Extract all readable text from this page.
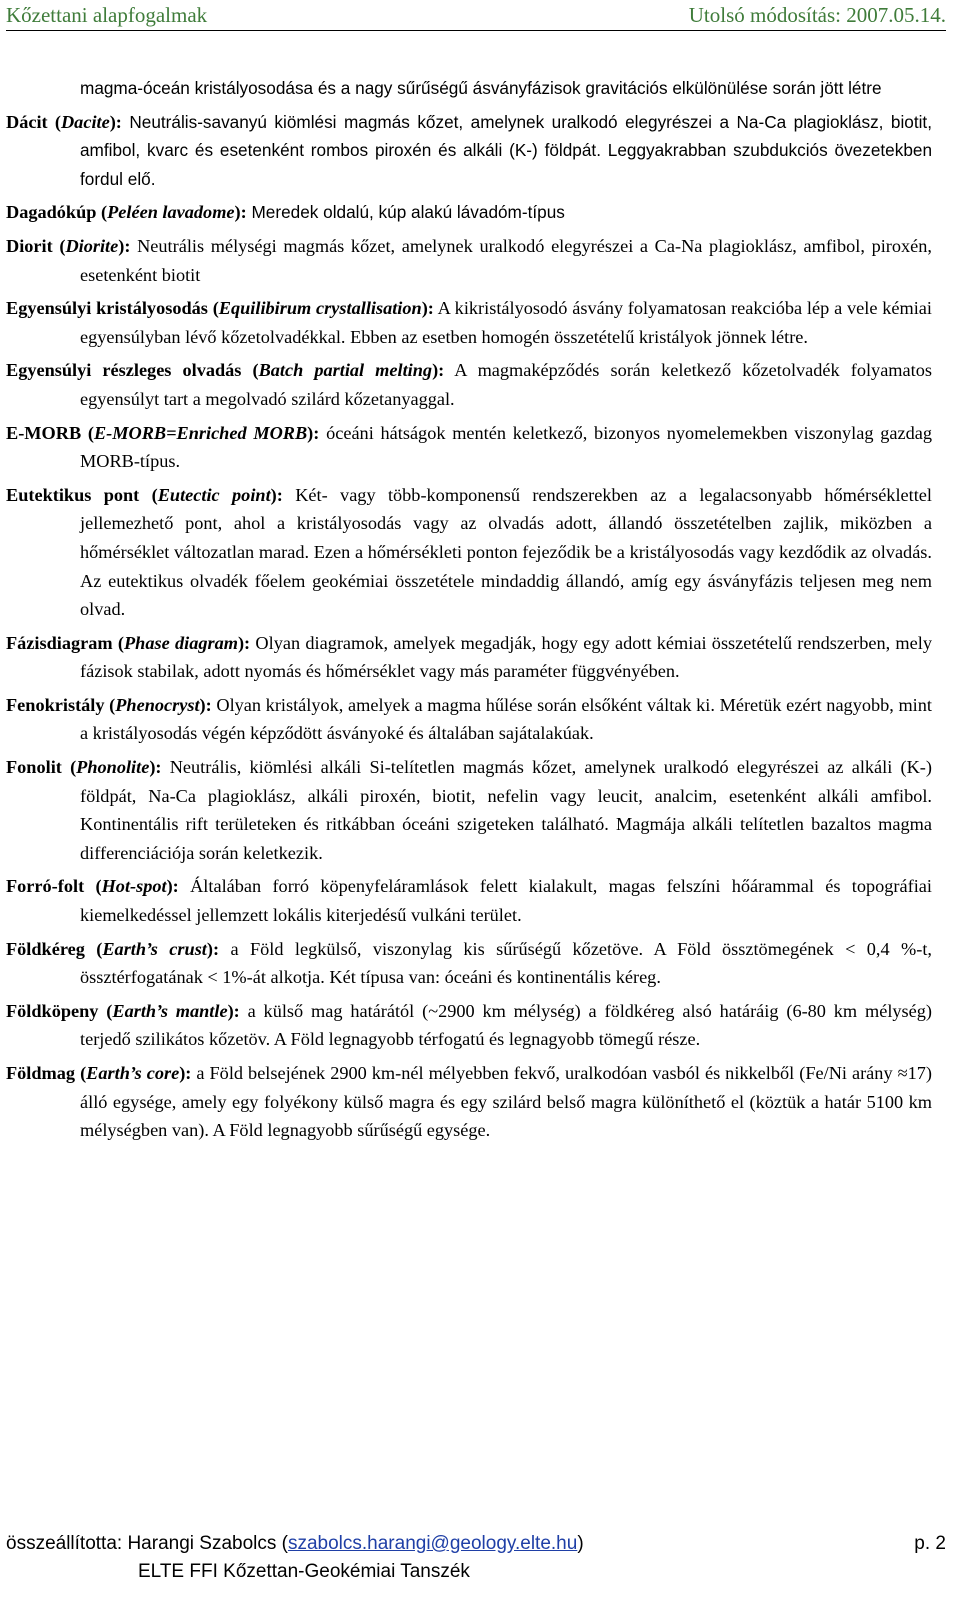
Kőzettani alapfogalmak	Utolsó módosítás: 2007.05.14.
magma-óceán kristályosodása és a nagy sűrűségű ásványfázisok gravitációs elkülönülése során jött létre
Dácit (Dacite): Neutrális-savanyú kiömlési magmás kőzet, amelynek uralkodó elegyrészei a Na-Ca plagioklász, biotit, amfibol, kvarc és esetenként rombos piroxén és alkáli (K-) földpát. Leggyakrabban szubdukciós övezetekben fordul elő.
Dagadókúp (Peléen lavadome): Meredek oldalú, kúp alakú lávadóm-típus
Diorit (Diorite): Neutrális mélységi magmás kőzet, amelynek uralkodó elegyrészei a Ca-Na plagioklász, amfibol, piroxén, esetenként biotit
Egyensúlyi kristályosodás (Equilibirum crystallisation): A kikristályosodó ásvány folyamatosan reakcióba lép a vele kémiai egyensúlyban lévő kőzetolvadékkal. Ebben az esetben homogén összetételű kristályok jönnek létre.
Egyensúlyi részleges olvadás (Batch partial melting): A magmaképződés során keletkező kőzetolvadék folyamatos egyensúlyt tart a megolvadó szilárd kőzetanyaggal.
E-MORB (E-MORB=Enriched MORB): óceáni hátságok mentén keletkező, bizonyos nyomelemekben viszonylag gazdag MORB-típus.
Eutektikus pont (Eutectic point): Két- vagy több-komponensű rendszerekben az a legalacsonyabb hőmérséklettel jellemezhető pont, ahol a kristályosodás vagy az olvadás adott, állandó összetételben zajlik, miközben a hőmérséklet változatlan marad. Ezen a hőmérsékleti ponton fejeződik be a kristályosodás vagy kezdődik az olvadás. Az eutektikus olvadék főelem geokémiai összetétele mindaddig állandó, amíg egy ásványfázis teljesen meg nem olvad.
Fázisdiagram (Phase diagram): Olyan diagramok, amelyek megadják, hogy egy adott kémiai összetételű rendszerben, mely fázisok stabilak, adott nyomás és hőmérséklet vagy más paraméter függvényében.
Fenokristály (Phenocryst): Olyan kristályok, amelyek a magma hűlése során elsőként váltak ki. Méretük ezért nagyobb, mint a kristályosodás végén képződött ásványoké és általában sajátalakúak.
Fonolit (Phonolite): Neutrális, kiömlési alkáli Si-telítetlen magmás kőzet, amelynek uralkodó elegyrészei az alkáli (K-) földpát, Na-Ca plagioklász, alkáli piroxén, biotit, nefelin vagy leucit, analcim, esetenként alkáli amfibol. Kontinentális rift területeken és ritkábban óceáni szigeteken található. Magmája alkáli telítetlen bazaltos magma differenciációja során keletkezik.
Forró-folt (Hot-spot): Általában forró köpenyfeláramlások felett kialakult, magas felszíni hőárammal és topográfiai kiemelkedéssel jellemzett lokális kiterjedésű vulkáni terület.
Földkéreg (Earth’s crust): a Föld legkülső, viszonylag kis sűrűségű kőzetöve. A Föld össztömegének < 0,4 %-t, össztérfogatának < 1%-át alkotja. Két típusa van: óceáni és kontinentális kéreg.
Földköpeny (Earth’s mantle): a külső mag határától (~2900 km mélység) a földkéreg alsó határáig (6-80 km mélység) terjedő szilikátos kőzetöv. A Föld legnagyobb térfogatú és legnagyobb tömegű része.
Földmag (Earth’s core): a Föld belsejének 2900 km-nél mélyebben fekvő, uralkodóan vasból és nikkelből (Fe/Ni arány ≈17) álló egysége, amely egy folyékony külső magra és egy szilárd belső magra különíthető el (köztük a határ 5100 km mélységben van). A Föld legnagyobb sűrűségű egysége.
összeállította: Harangi Szabolcs (szabolcs.harangi@geology.elte.hu)	p. 2
ELTE FFI Kőzettan-Geokémiai Tanszék
